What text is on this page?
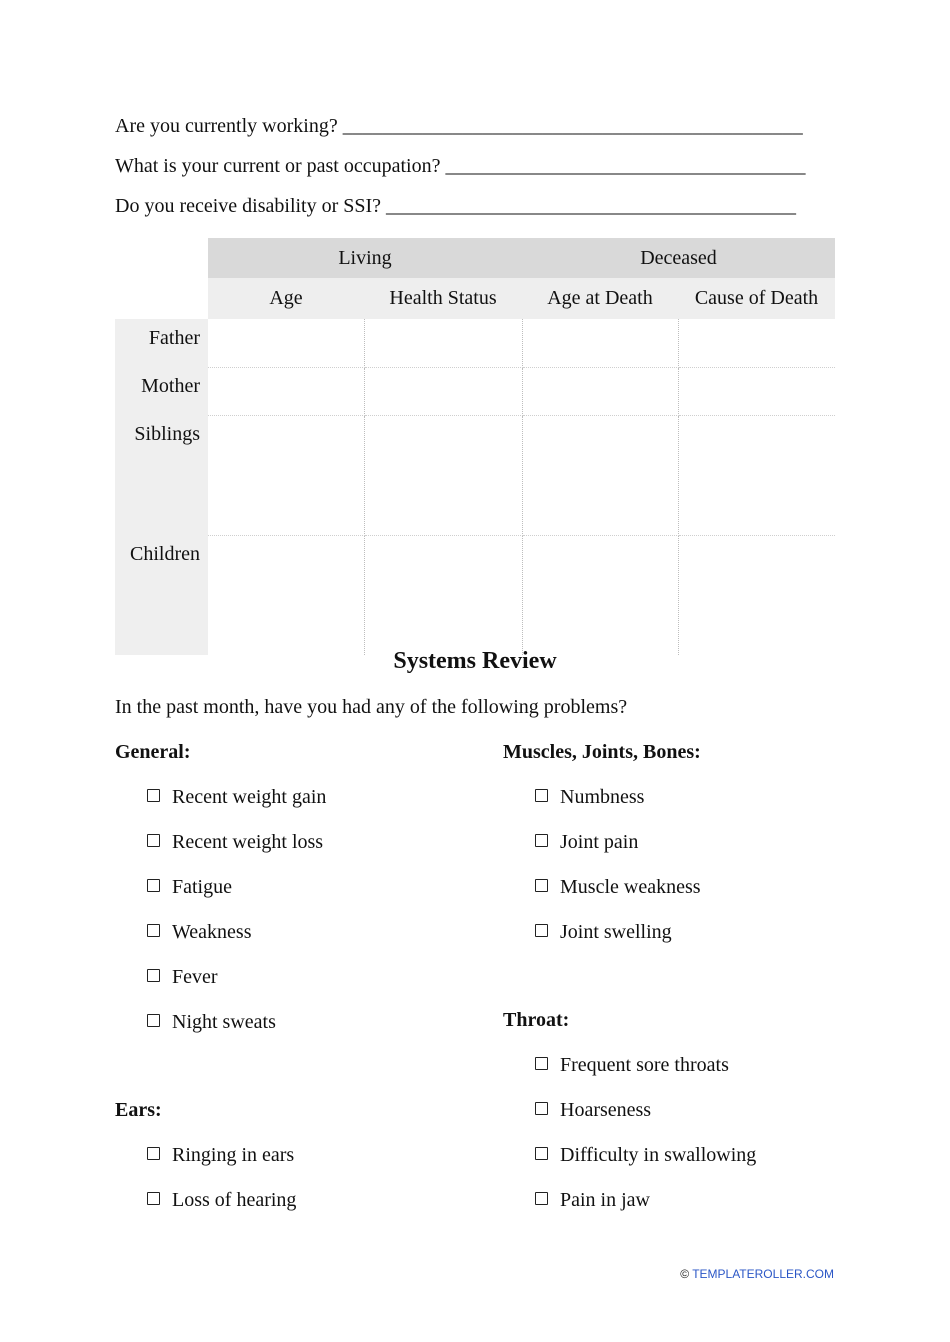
Are you currently working? ______________________________________________
What is your current or past occupation? ____________________________________
Do you receive disability or SSI? _________________________________________
	Living		Deceased	
	Age	Health Status	Age at Death	Cause of Death
Father				
Mother				
Siblings				
Children				
Systems Review
In the past month, have you had any of the following problems?
General:
Recent weight gain
Recent weight loss
Fatigue
Weakness
Fever
Night sweats
Ears:
Ringing in ears
Loss of hearing
Muscles, Joints, Bones:
Numbness
Joint pain
Muscle weakness
Joint swelling
Throat:
Frequent sore throats
Hoarseness
Difficulty in swallowing
Pain in jaw
© TEMPLATEROLLER.COM
